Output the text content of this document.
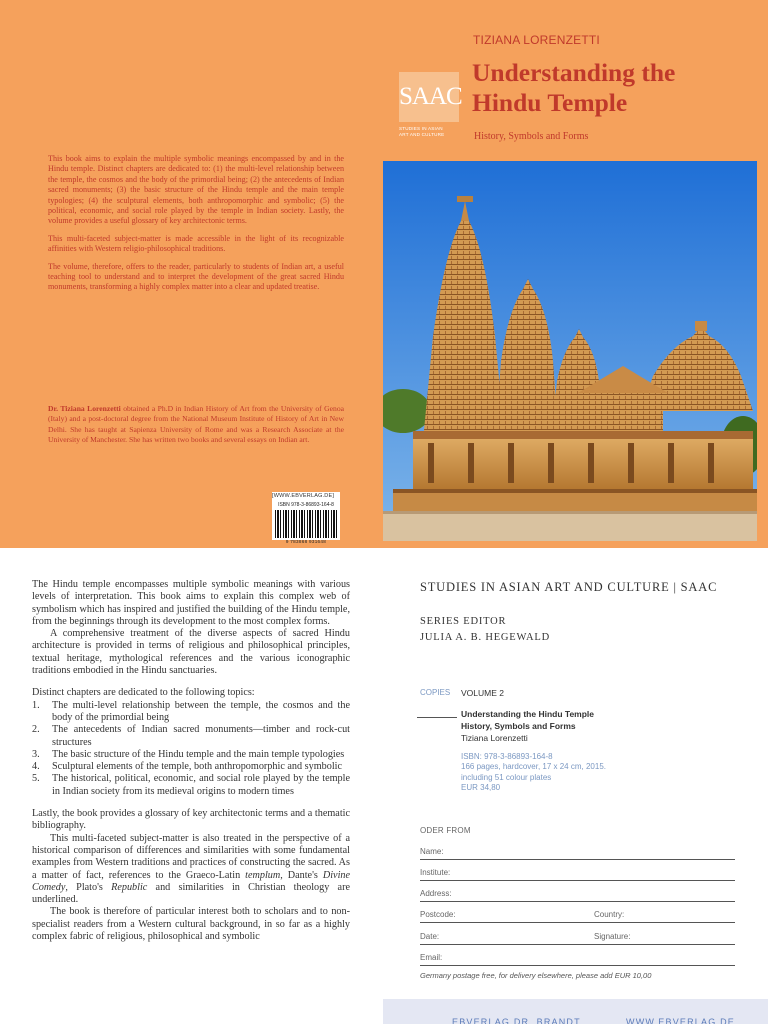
This book aims to explain the multiple symbolic meanings encompassed by and in the Hindu temple. Distinct chapters are dedicated to: (1) the multi-level relationship between the temple, the cosmos and the body of the primordial being; (2) the antecedents of Indian sacred monuments; (3) the basic structure of the Hindu temple and the main temple typologies; (4) the sculptural elements, both anthropomorphic and symbolic; (5) the political, economic, and social role played by the temple in Indian society. Lastly, the volume provides a useful glossary of key architectonic terms.

This multi-faceted subject-matter is made accessible in the light of its recognizable affinities with Western religio-philosophical traditions.

The volume, therefore, offers to the reader, particularly to students of Indian art, a useful teaching tool to understand and to interpret the development of the great sacred Hindu monuments, transforming a highly complex matter into a clear and updated treatise.

Dr. Tiziana Lorenzetti obtained a Ph.D in Indian History of Art from the University of Genoa (Italy) and a post-doctoral degree from the National Museum Institute of History of Art in New Delhi. She has taught at Sapienza University of Rome and was a Research Associate at the University of Manchester. She has written two books and several essays on Indian art.
ISBN 978-3-86893-164-8
9 783868 931648
[WWW.EBVERLAG.DE]
SAAC
STUDIES IN ASIAN
ART AND CULTURE
TIZIANA LORENZETTI
Understanding the
Hindu Temple
History, Symbols and Forms

The Hindu temple encompasses multiple symbolic meanings with various levels of interpretation. This book aims to explain this complex web of symbolism which has inspired and justified the building of the Hindu temple, from the beginnings through its development to the most complex forms.

A comprehensive treatment of the diverse aspects of sacred Hindu architecture is provided in terms of religious and philosophical principles, textual heritage, mythological references and the various iconographic traditions embodied in the Hindu sanctuaries.

Distinct chapters are dedicated to the following topics:

1.	The multi-level relationship between the temple, the cosmos and the body of the primordial being
2.	The antecedents of Indian sacred monuments—timber and rock-cut structures
3.	The basic structure of the Hindu temple and the main temple typologies
4.	Sculptural elements of the temple, both anthropomorphic and symbolic
5.	The historical, political, economic, and social role played by the temple in Indian society from its medieval origins to modern times

Lastly, the book provides a glossary of key architectonic terms and a thematic bibliography.

This multi-faceted subject-matter is also treated in the perspective of a historical comparison of differences and similarities with some fundamental examples from Western traditions and practices of constructing the sacred. As a matter of fact, references to the Graeco-Latin templum, Dante's Divine Comedy, Plato's Republic and similarities in Christian theology are underlined.

The book is therefore of particular interest both to scholars and to non-specialist readers from a Western cultural background, in so far as a highly complex fabric of religious, philosophical and symbolic

STUDIES IN ASIAN ART AND CULTURE | SAAC
SERIES EDITOR
JULIA A. B. HEGEWALD
COPIES VOLUME 2
Understanding the Hindu Temple
History, Symbols and Forms
Tiziana Lorenzetti
ISBN: 978-3-86893-164-8
166 pages, hardcover, 17 x 24 cm, 2015.
including 51 colour plates
EUR 34,80
ODER FROM
Name:
Institute:
Address:
Postcode:	Country:
Date:	Signature:
Email:
Germany postage free, for delivery elsewhere, please add EUR 10,00
EBVERLAG DR. BRANDT	WWW.EBVERLAG.DE
